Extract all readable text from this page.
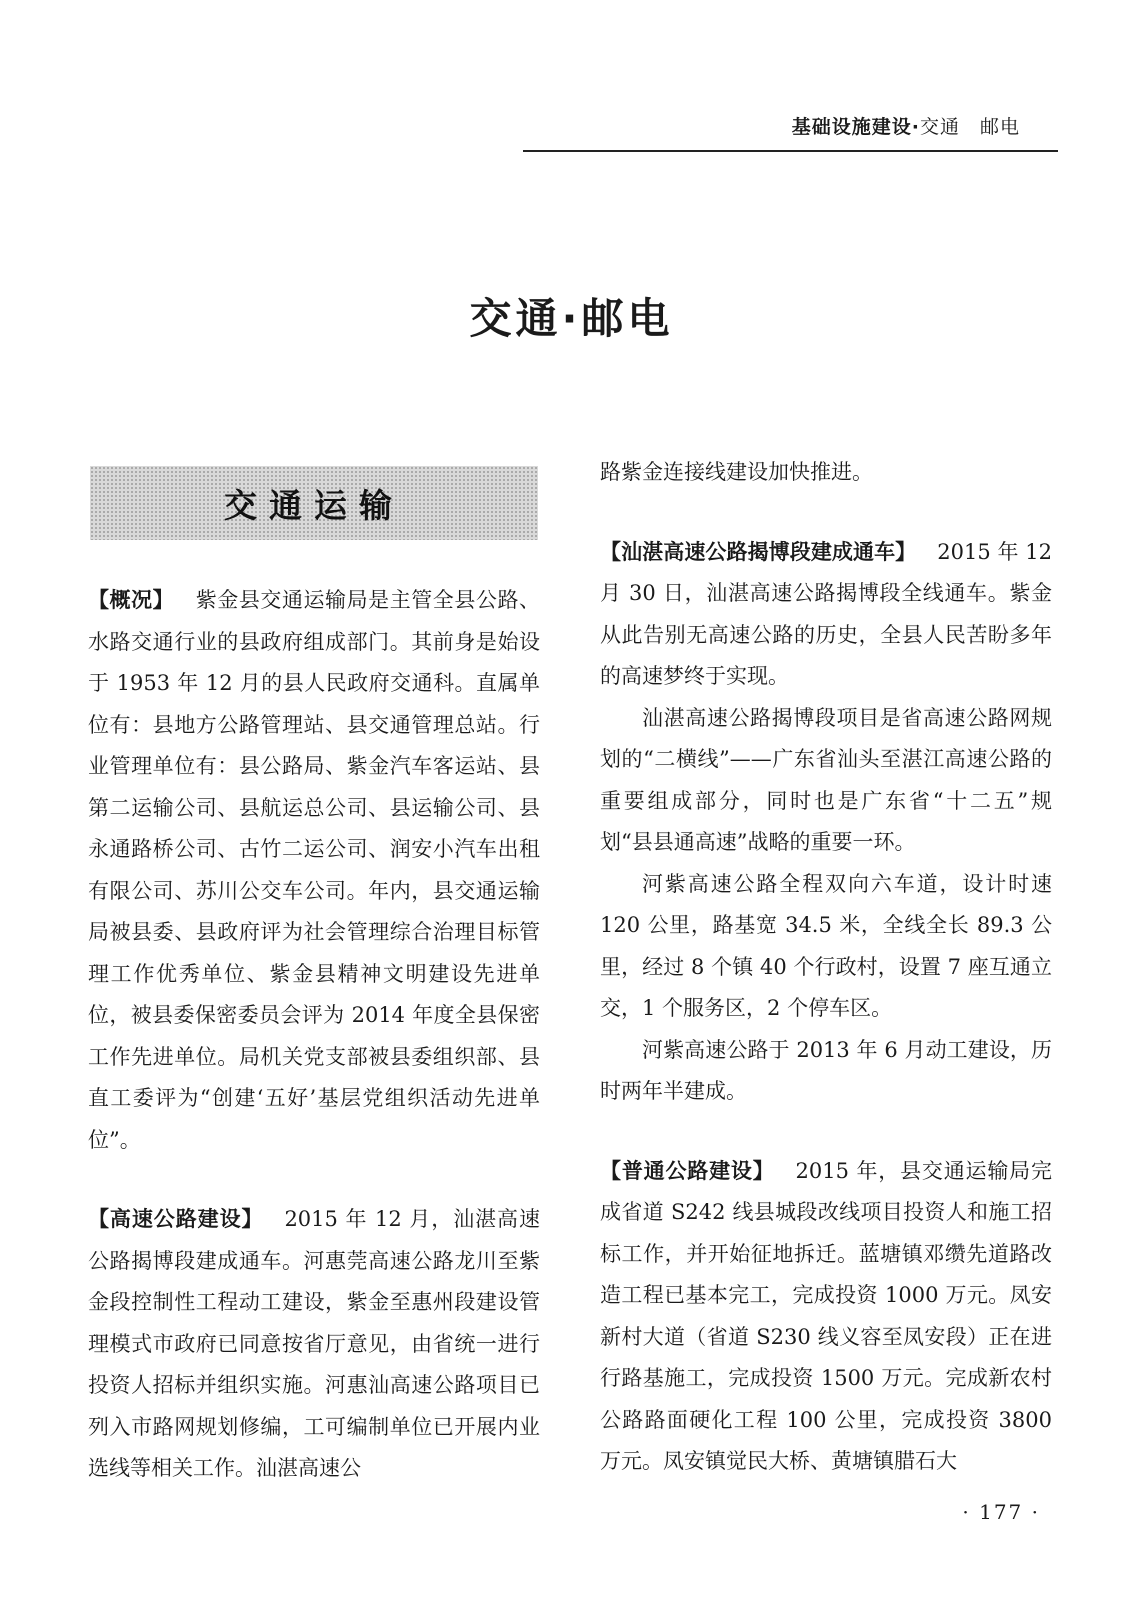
基础设施建设·交通　邮电
交通·邮电
交通运输

【概况】  紫金县交通运输局是主管全县公路、水路交通行业的县政府组成部门。其前身是始设于 1953 年 12 月的县人民政府交通科。直属单位有：县地方公路管理站、县交通管理总站。行业管理单位有：县公路局、紫金汽车客运站、县第二运输公司、县航运总公司、县运输公司、县永通路桥公司、古竹二运公司、润安小汽车出租有限公司、苏川公交车公司。年内，县交通运输局被县委、县政府评为社会管理综合治理目标管理工作优秀单位、紫金县精神文明建设先进单位，被县委保密委员会评为 2014 年度全县保密工作先进单位。局机关党支部被县委组织部、县直工委评为“创建‘五好’基层党组织活动先进单位”。

【高速公路建设】  2015 年 12 月，汕湛高速公路揭博段建成通车。河惠莞高速公路龙川至紫金段控制性工程动工建设，紫金至惠州段建设管理模式市政府已同意按省厅意见，由省统一进行投资人招标并组织实施。河惠汕高速公路项目已列入市路网规划修编，工可编制单位已开展内业选线等相关工作。汕湛高速公

路紫金连接线建设加快推进。

【汕湛高速公路揭博段建成通车】  2015 年 12 月 30 日，汕湛高速公路揭博段全线通车。紫金从此告别无高速公路的历史，全县人民苦盼多年的高速梦终于实现。

汕湛高速公路揭博段项目是省高速公路网规划的“二横线”——广东省汕头至湛江高速公路的重要组成部分，同时也是广东省“十二五”规划“县县通高速”战略的重要一环。

河紫高速公路全程双向六车道，设计时速 120 公里，路基宽 34.5 米，全线全长 89.3 公里，经过 8 个镇 40 个行政村，设置 7 座互通立交，1 个服务区，2 个停车区。

河紫高速公路于 2013 年 6 月动工建设，历时两年半建成。

【普通公路建设】  2015 年，县交通运输局完成省道 S242 线县城段改线项目投资人和施工招标工作，并开始征地拆迁。蓝塘镇邓缵先道路改造工程已基本完工，完成投资 1000 万元。凤安新村大道（省道 S230 线义容至凤安段）正在进行路基施工，完成投资 1500 万元。完成新农村公路路面硬化工程 100 公里，完成投资 3800 万元。凤安镇觉民大桥、黄塘镇腊石大

· 177 ·
